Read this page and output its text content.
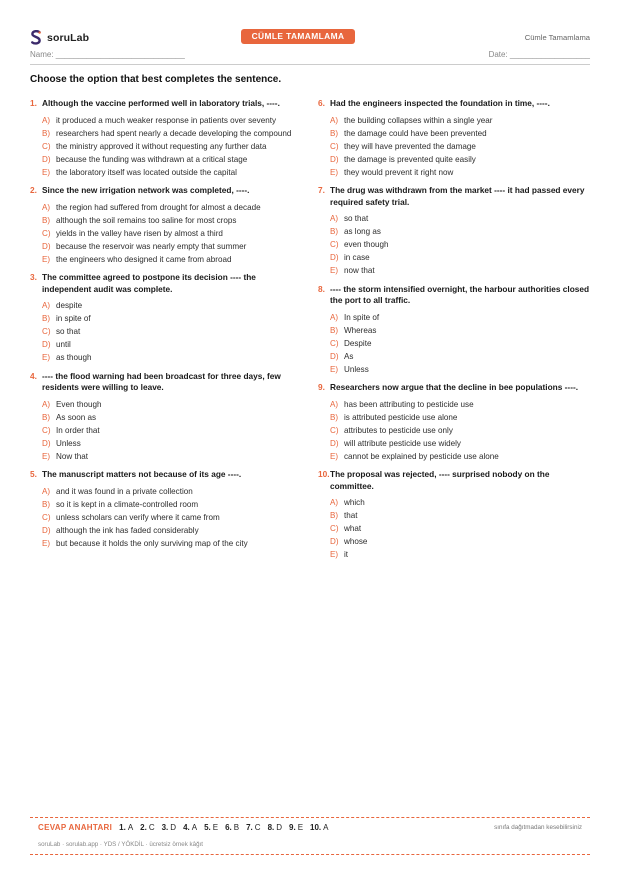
soruLab	CÜMLE TAMAMLAMA	Cümle Tamamlama
Name: _____________________________	Date: __________________
Choose the option that best completes the sentence.
1. Although the vaccine performed well in laboratory trials, ----.
A) it produced a much weaker response in patients over seventy
B) researchers had spent nearly a decade developing the compound
C) the ministry approved it without requesting any further data
D) because the funding was withdrawn at a critical stage
E) the laboratory itself was located outside the capital
2. Since the new irrigation network was completed, ----.
A) the region had suffered from drought for almost a decade
B) although the soil remains too saline for most crops
C) yields in the valley have risen by almost a third
D) because the reservoir was nearly empty that summer
E) the engineers who designed it came from abroad
3. The committee agreed to postpone its decision ---- the independent audit was complete.
A) despite
B) in spite of
C) so that
D) until
E) as though
4. ---- the flood warning had been broadcast for three days, few residents were willing to leave.
A) Even though
B) As soon as
C) In order that
D) Unless
E) Now that
5. The manuscript matters not because of its age ----.
A) and it was found in a private collection
B) so it is kept in a climate-controlled room
C) unless scholars can verify where it came from
D) although the ink has faded considerably
E) but because it holds the only surviving map of the city
6. Had the engineers inspected the foundation in time, ----.
A) the building collapses within a single year
B) the damage could have been prevented
C) they will have prevented the damage
D) the damage is prevented quite easily
E) they would prevent it right now
7. The drug was withdrawn from the market ---- it had passed every required safety trial.
A) so that
B) as long as
C) even though
D) in case
E) now that
8. ---- the storm intensified overnight, the harbour authorities closed the port to all traffic.
A) In spite of
B) Whereas
C) Despite
D) As
E) Unless
9. Researchers now argue that the decline in bee populations ----.
A) has been attributing to pesticide use
B) is attributed pesticide use alone
C) attributes to pesticide use only
D) will attribute pesticide use widely
E) cannot be explained by pesticide use alone
10. The proposal was rejected, ---- surprised nobody on the committee.
A) which
B) that
C) what
D) whose
E) it
CEVAP ANAHTARI 1. A 2. C 3. D 4. A 5. E 6. B 7. C 8. D 9. E 10. A	sınıfa dağıtmadan kesebilirsiniz
soruLab · sorulab.app · YDS / YÖKDİL · ücretsiz örnek kâğıt
